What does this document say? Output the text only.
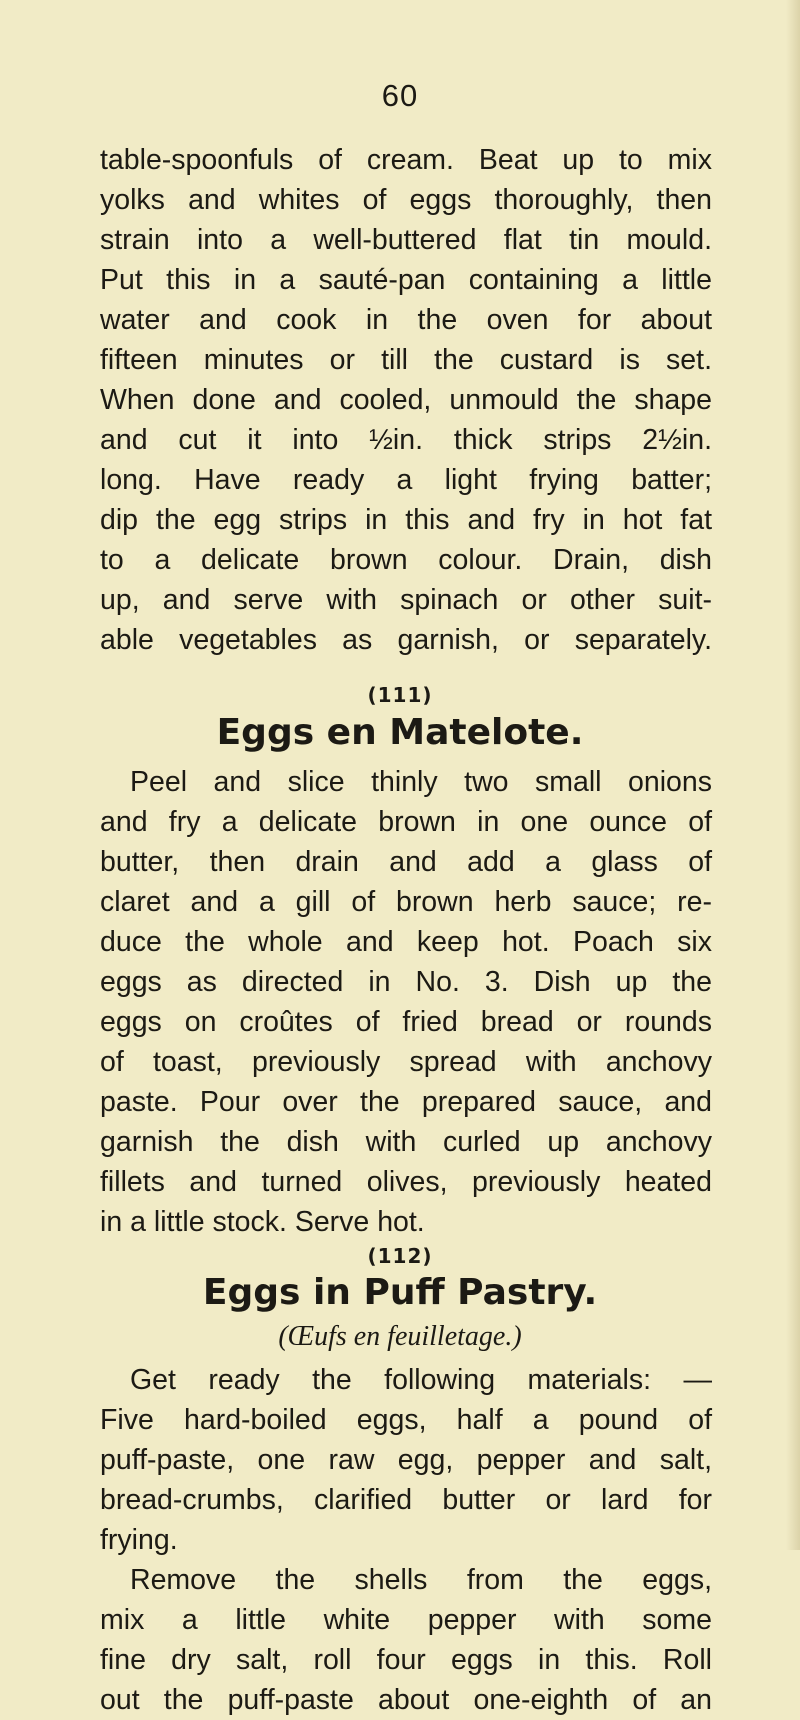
60
table-spoonfuls of cream. Beat up to mix
yolks and whites of eggs thoroughly, then
strain into a well-buttered flat tin mould.
Put this in a sauté-pan containing a little
water and cook in the oven for about
fifteen minutes or till the custard is set.
When done and cooled, unmould the shape
and cut it into ½in. thick strips 2½in.
long. Have ready a light frying batter;
dip the egg strips in this and fry in hot fat
to a delicate brown colour. Drain, dish
up, and serve with spinach or other suit-
able vegetables as garnish, or separately.
(111)
Eggs en Matelote.
Peel and slice thinly two small onions
and fry a delicate brown in one ounce of
butter, then drain and add a glass of
claret and a gill of brown herb sauce; re-
duce the whole and keep hot. Poach six
eggs as directed in No. 3. Dish up the
eggs on croûtes of fried bread or rounds
of toast, previously spread with anchovy
paste. Pour over the prepared sauce, and
garnish the dish with curled up anchovy
fillets and turned olives, previously heated
in a little stock. Serve hot.
(112)
Eggs in Puff Pastry.
(Œufs en feuilletage.)
Get ready the following materials: —
Five hard-boiled eggs, half a pound of
puff-paste, one raw egg, pepper and salt,
bread-crumbs, clarified butter or lard for
frying.
Remove the shells from the eggs,
mix a little white pepper with some
fine dry salt, roll four eggs in this. Roll
out the puff-paste about one-eighth of an
